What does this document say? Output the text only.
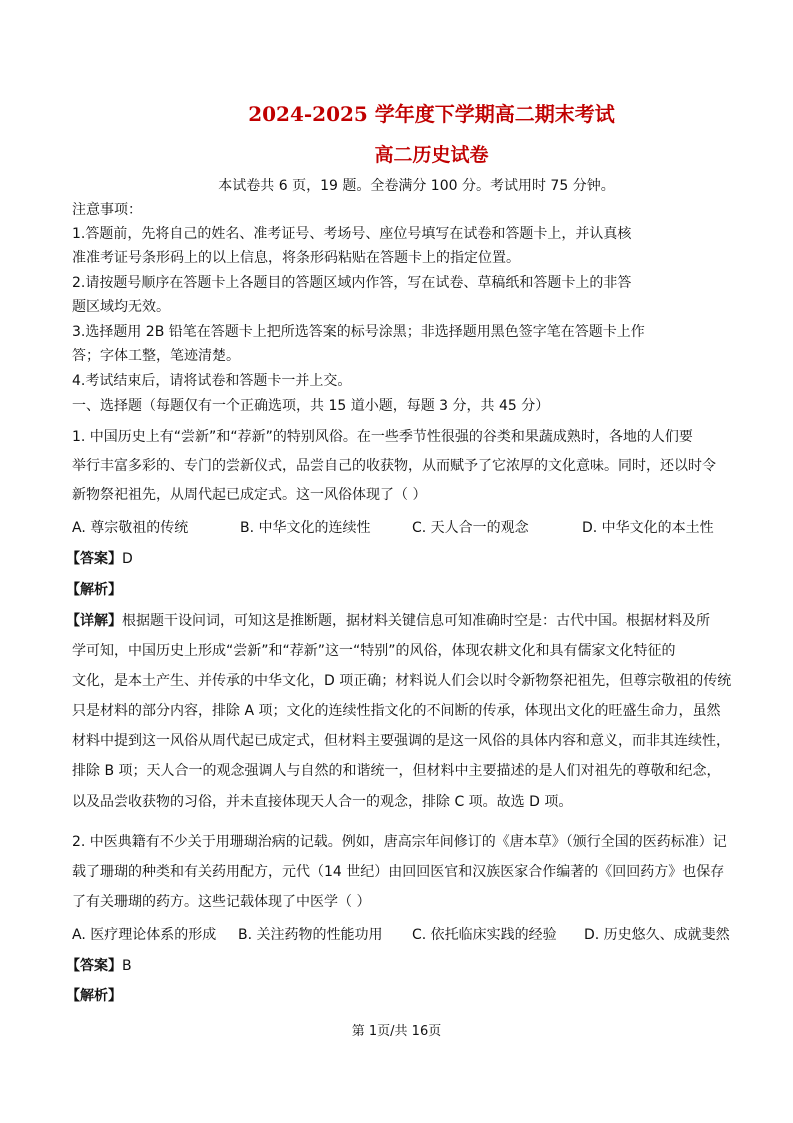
2024-2025 学年度下学期高二期末考试
高二历史试卷
本试卷共 6 页，19 题。全卷满分 100 分。考试用时 75 分钟。
注意事项：
1.答题前，先将自己的姓名、准考证号、考场号、座位号填写在试卷和答题卡上，并认真核
准准考证号条形码上的以上信息，将条形码粘贴在答题卡上的指定位置。
2.请按题号顺序在答题卡上各题目的答题区域内作答，写在试卷、草稿纸和答题卡上的非答
题区域均无效。
3.选择题用 2B 铅笔在答题卡上把所选答案的标号涂黑；非选择题用黑色签字笔在答题卡上作
答；字体工整，笔迹清楚。
4.考试结束后，请将试卷和答题卡一并上交。
一、选择题（每题仅有一个正确选项，共 15 道小题，每题 3 分，共 45 分）
1. 中国历史上有“尝新”和“荐新”的特别风俗。在一些季节性很强的谷类和果蔬成熟时，各地的人们要
举行丰富多彩的、专门的尝新仪式，品尝自己的收获物，从而赋予了它浓厚的文化意味。同时，还以时令
新物祭祀祖先，从周代起已成定式。这一风俗体现了（ ）
A. 尊宗敬祖的传统	B. 中华文化的连续性	C. 天人合一的观念	D. 中华文化的本土性
【答案】D
【解析】
【详解】根据题干设问词，可知这是推断题，据材料关键信息可知准确时空是：古代中国。根据材料及所
学可知，中国历史上形成“尝新”和“荐新”这一“特别”的风俗，体现农耕文化和具有儒家文化特征的
文化，是本土产生、并传承的中华文化，D 项正确；材料说人们会以时令新物祭祀祖先，但尊宗敬祖的传统
只是材料的部分内容，排除 A 项；文化的连续性指文化的不间断的传承，体现出文化的旺盛生命力，虽然
材料中提到这一风俗从周代起已成定式，但材料主要强调的是这一风俗的具体内容和意义，而非其连续性，
排除 B 项；天人合一的观念强调人与自然的和谐统一，但材料中主要描述的是人们对祖先的尊敬和纪念，
以及品尝收获物的习俗，并未直接体现天人合一的观念，排除 C 项。故选 D 项。
2. 中医典籍有不少关于用珊瑚治病的记载。例如，唐高宗年间修订的《唐本草》（颁行全国的医药标准）记
载了珊瑚的种类和有关药用配方，元代（14 世纪）由回回医官和汉族医家合作编著的《回回药方》也保存
了有关珊瑚的药方。这些记载体现了中医学（ ）
A. 医疗理论体系的形成 B. 关注药物的性能功用 C. 依托临床实践的经验 D. 历史悠久、成就斐然
【答案】B
【解析】
第 1页/共 16页
